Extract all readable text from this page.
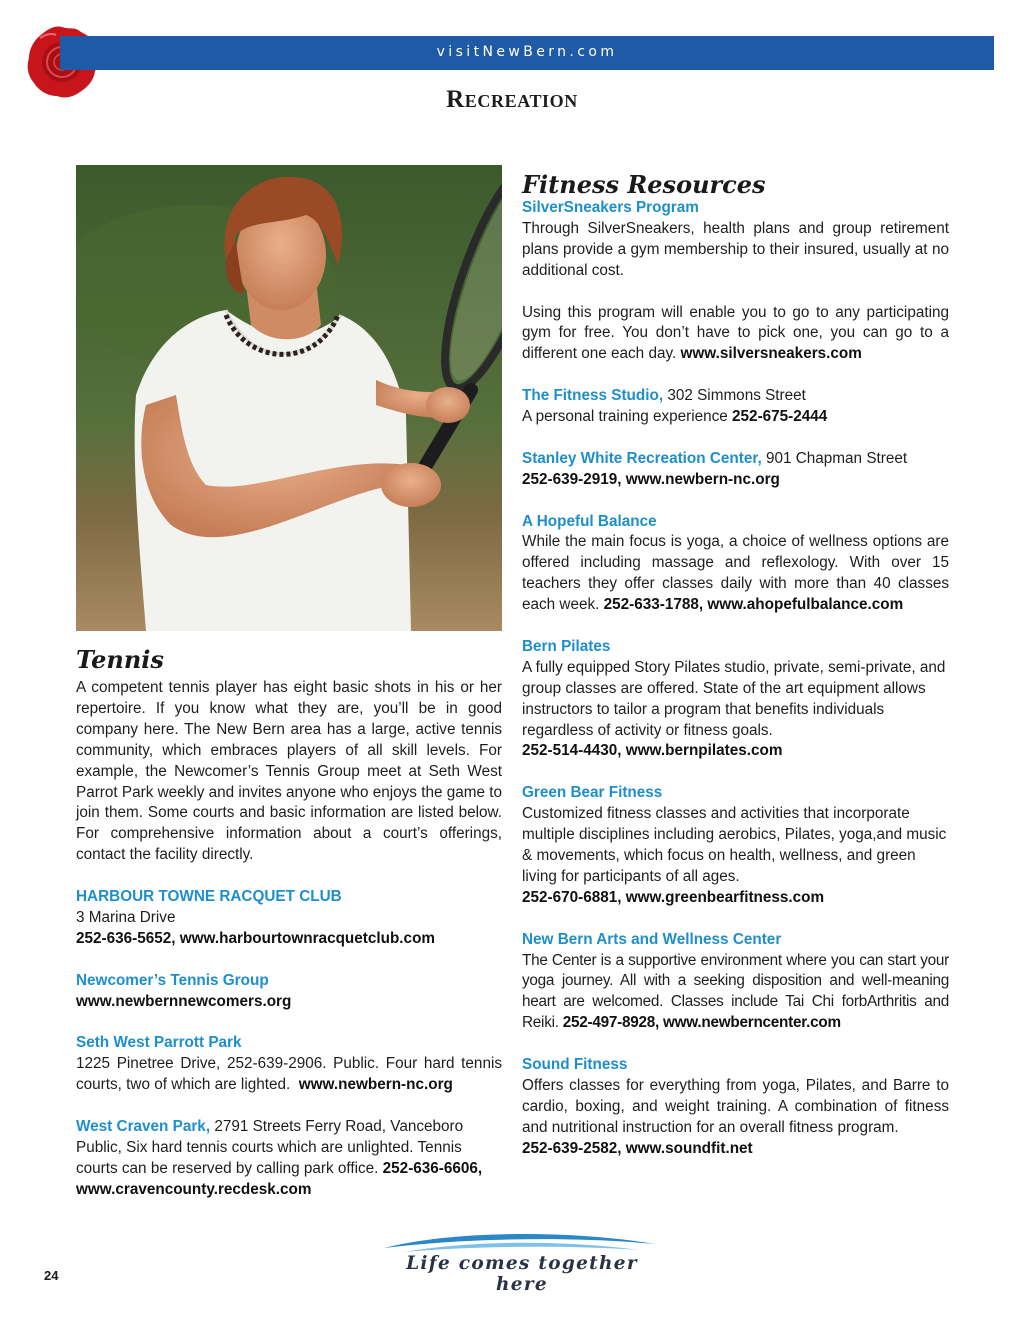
visitNewBern.com
Recreation
Tennis

A competent tennis player has eight basic shots in his or her repertoire. If you know what they are, you’ll be in good company here. The New Bern area has a large, active tennis community, which embraces players of all skill levels. For example, the Newcomer’s Tennis Group meet at Seth West Parrot Park weekly and invites anyone who enjoys the game to join them. Some courts and basic information are listed below. For comprehensive information about a court’s offerings, contact the facility directly.

HARBOUR TOWNE RACQUET CLUB
3 Marina Drive
252-636-5652, www.harbourtownracquetclub.com
Newcomer’s Tennis Group
www.newbernnewcomers.org
Seth West Parrott Park
1225 Pinetree Drive, 252-639-2906. Public. Four hard tennis courts, two of which are lighted. www.newbern-nc.org
West Craven Park, 2791 Streets Ferry Road, Vanceboro
Public, Six hard tennis courts which are unlighted. Tennis courts can be reserved by calling park office. 252-636-6606,
www.cravencounty.recdesk.com
Fitness Resources
SilverSneakers Program

Through SilverSneakers, health plans and group retirement plans provide a gym membership to their insured, usually at no additional cost.

Using this program will enable you to go to any participating gym for free. You don’t have to pick one, you can go to a different one each day. www.silversneakers.com

The Fitness Studio, 302 Simmons Street
A personal training experience 252-675-2444
Stanley White Recreation Center, 901 Chapman Street
252-639-2919, www.newbern-nc.org
A Hopeful Balance

While the main focus is yoga, a choice of wellness options are offered including massage and reflexology. With over 15 teachers they offer classes daily with more than 40 classes each week. 252-633-1788, www.ahopefulbalance.com

Bern Pilates

A fully equipped Story Pilates studio, private, semi-private, and group classes are offered. State of the art equipment allows instructors to tailor a program that benefits individuals regardless of activity or fitness goals.

252-514-4430, www.bernpilates.com
Green Bear Fitness

Customized fitness classes and activities that incorporate multiple disciplines including aerobics, Pilates, yoga,and music & movements, which focus on health, wellness, and green living for participants of all ages.

252-670-6881, www.greenbearfitness.com
New Bern Arts and Wellness Center

The Center is a supportive environment where you can start your yoga journey. All with a seeking disposition and well-meaning heart are welcomed. Classes include Tai Chi forbArthritis and Reiki. 252-497-8928, www.newberncenter.com

Sound Fitness

Offers classes for everything from yoga, Pilates, and Barre to cardio, boxing, and weight training. A combination of fitness and nutritional instruction for an overall fitness program.

252-639-2582, www.soundfit.net
Life comes together here
24
